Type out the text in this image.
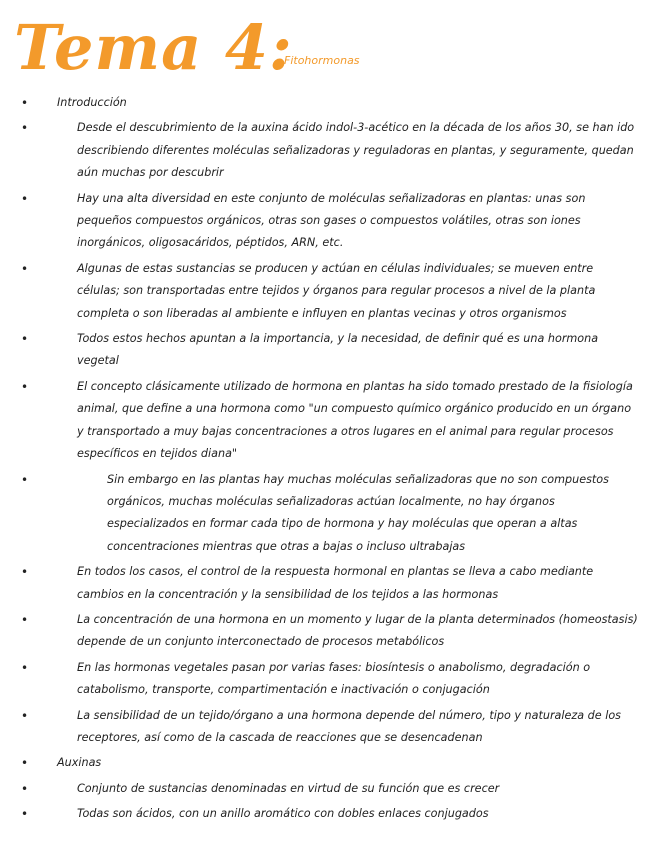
Tema 4:
Fitohormonas
•	Introducción
•	Desde el descubrimiento de la auxina ácido indol-3-acético en la década de los años 30, se han ido describiendo diferentes moléculas señalizadoras y reguladoras en plantas, y seguramente, quedan aún muchas por descubrir
•	Hay una alta diversidad en este conjunto de moléculas señalizadoras en plantas: unas son pequeños compuestos orgánicos, otras son gases o compuestos volátiles, otras son iones inorgánicos, oligosacáridos, péptidos, ARN, etc.
•	Algunas de estas sustancias se producen y actúan en células individuales; se mueven entre células; son transportadas entre tejidos y órganos para regular procesos a nivel de la planta completa o son liberadas al ambiente e influyen en plantas vecinas y otros organismos
•	Todos estos hechos apuntan a la importancia, y la necesidad, de definir qué es una hormona vegetal
•	El concepto clásicamente utilizado de hormona en plantas ha sido tomado prestado de la fisiología animal, que define a una hormona como "un compuesto químico orgánico producido en un órgano y transportado a muy bajas concentraciones a otros lugares en el animal para regular procesos específicos en tejidos diana"
•	Sin embargo en las plantas hay muchas moléculas señalizadoras que no son compuestos orgánicos, muchas moléculas señalizadoras actúan localmente, no hay órganos especializados en formar cada tipo de hormona y hay moléculas que operan a altas concentraciones mientras que otras a bajas o incluso ultrabajas
•	En todos los casos, el control de la respuesta hormonal en plantas se lleva a cabo mediante cambios en la concentración y la sensibilidad de los tejidos a las hormonas
•	La concentración de una hormona en un momento y lugar de la planta determinados (homeostasis) depende de un conjunto interconectado de procesos metabólicos
•	En las hormonas vegetales pasan por varias fases: biosíntesis o anabolismo, degradación o catabolismo, transporte, compartimentación e inactivación o conjugación
•	La sensibilidad de un tejido/órgano a una hormona depende del número, tipo y naturaleza de los receptores, así como de la cascada de reacciones que se desencadenan
•	Auxinas
•	Conjunto de sustancias denominadas en virtud de su función que es crecer
•	Todas son ácidos, con un anillo aromático con dobles enlaces conjugados
